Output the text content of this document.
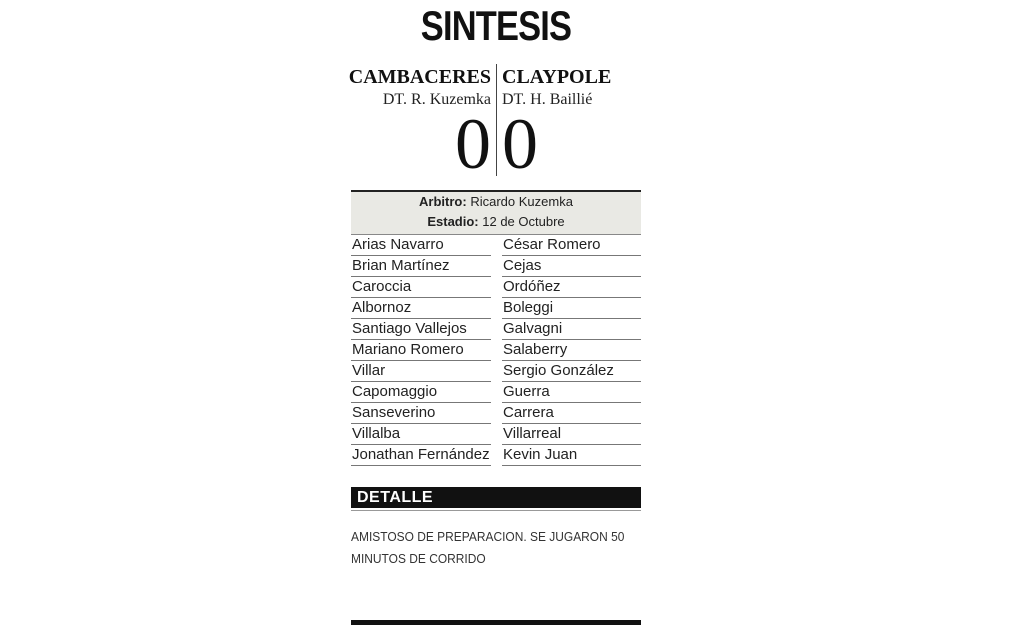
SINTESIS
CAMBACERES CLAYPOLE
DT. R. Kuzemka DT. H. Baillié
0 0
Arbitro: Ricardo Kuzemka
Estadio: 12 de Octubre
Arias Navarro
Brian Martínez
Caroccia
Albornoz
Santiago Vallejos
Mariano Romero
Villar
Capomaggio
Sanseverino
Villalba
Jonathan Fernández
César Romero
Cejas
Ordóñez
Boleggi
Galvagni
Salaberry
Sergio González
Guerra
Carrera
Villarreal
Kevin Juan
DETALLE
AMISTOSO DE PREPARACION. SE JUGARON 50
MINUTOS DE CORRIDO
